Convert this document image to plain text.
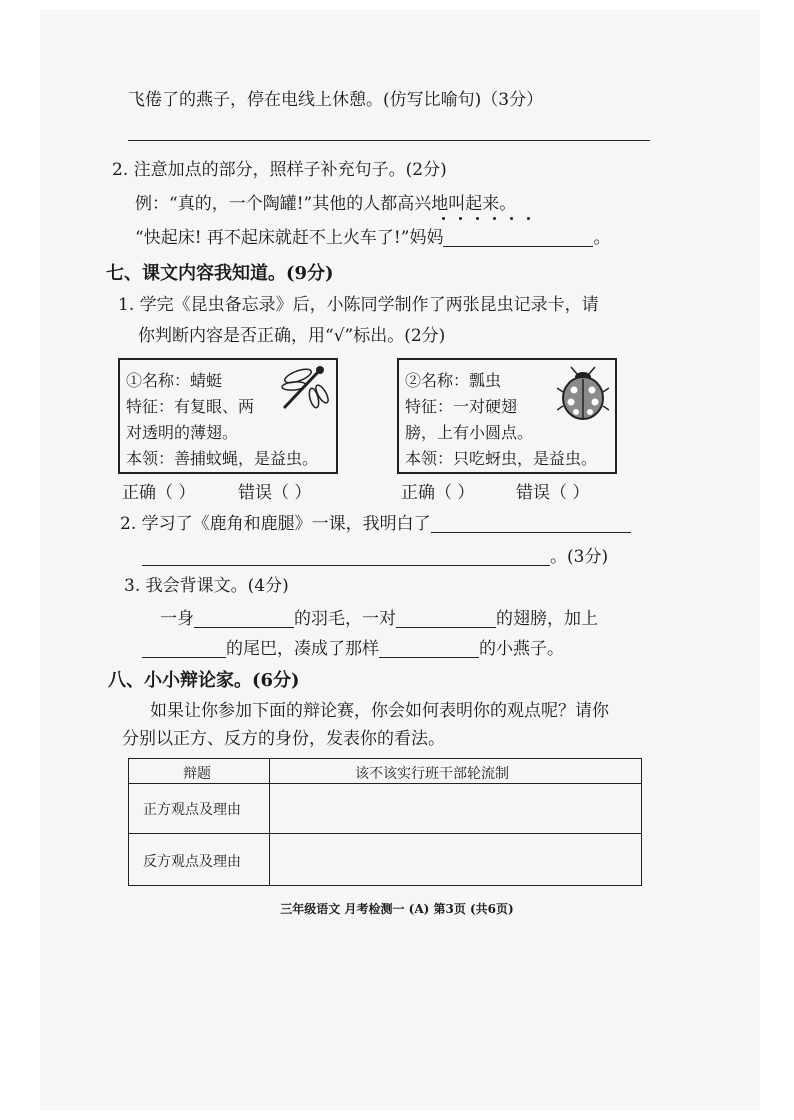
飞倦了的燕子，停在电线上休憩。(仿写比喻句)（3分）
2. 注意加点的部分，照样子补充句子。(2分)
例：“真的，一个陶罐!”其他的人都高兴地叫起来。
“快起床! 再不起床就赶不上火车了!”妈妈	。
七、课文内容我知道。(9分)
1. 学完《昆虫备忘录》后，小陈同学制作了两张昆虫记录卡，请
你判断内容是否正确，用“√”标出。(2分)
①名称：蜻蜓
特征：有复眼、两
对透明的薄翅。
本领：善捕蚊蝇，是益虫。
②名称：瓢虫
特征：一对硬翅
膀，上有小圆点。
本领：只吃蚜虫，是益虫。
正确（ ）	错误（ ）	正确（ ） 错误（ ）
2. 学习了《鹿角和鹿腿》一课，我明白了
。(3分)
3. 我会背课文。(4分)
一身	的羽毛，一对	的翅膀，加上
的尾巴，凑成了那样	的小燕子。
八、小小辩论家。(6分)
如果让你参加下面的辩论赛，你会如何表明你的观点呢？请你
分别以正方、反方的身份，发表你的看法。
辩题	该不该实行班干部轮流制
正方观点及理由
反方观点及理由
三年级语文 月考检测一 (A) 第3页 (共6页)
